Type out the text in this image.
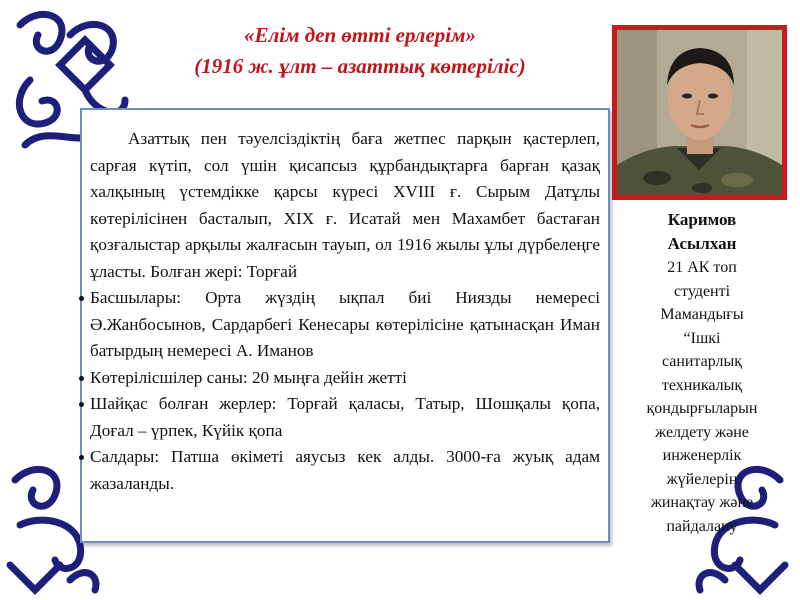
«Елім деп өтті ерлерім»
(1916 ж. ұлт – азаттық көтеріліс)

Азаттық пен тәуелсіздіктің баға жетпес парқын қастерлеп, сарғая күтіп, сол үшін қисапсыз құрбандықтарға барған қазақ халқының үстемдікке қарсы күресі XVIII ғ. Сырым Датұлы көтерілісінен басталып, XIX ғ. Исатай мен Махамбет бастаған қозғалыстар арқылы жалғасын тауып, ол 1916 жылы ұлы дүрбелеңге ұласты. Болған жері: Торғай

Басшылары: Орта жүздің ықпал биі Ниязды немересі Ә.Жанбосынов, Сардарбегі Кенесары көтерілісіне қатынасқан Иман батырдың немересі А. Иманов

Көтерілісшілер саны: 20 мыңға дейін жетті

Шайқас болған жерлер: Торғай қаласы, Татыр, Шошқалы қопа, Доғал – үрпек, Күйік қопа

Салдары: Патша өкіметі аяусыз кек алды. 3000-ға жуық адам жазаланды.

Каримов
Асылхан
21 АК топ
студенті
Мамандығы
“Ішкі
санитарлық
техникалық
қондырғыларын
желдету және
инженерлік
жүйелерін
жинақтау және
пайдалану
